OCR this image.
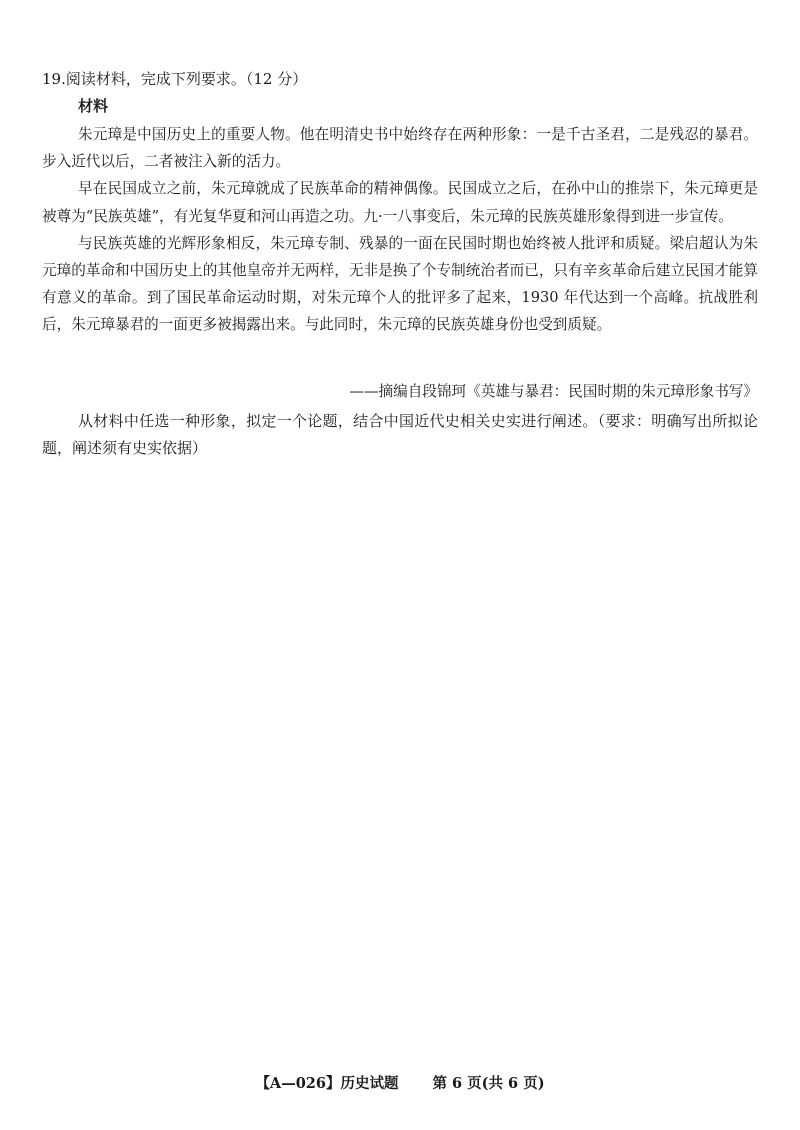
19.阅读材料，完成下列要求。（12 分）
材料

朱元璋是中国历史上的重要人物。他在明清史书中始终存在两种形象：一是千古圣君，二是残忍的暴君。步入近代以后，二者被注入新的活力。

早在民国成立之前，朱元璋就成了民族革命的精神偶像。民国成立之后，在孙中山的推崇下，朱元璋更是被尊为“民族英雄”，有光复华夏和河山再造之功。九·一八事变后，朱元璋的民族英雄形象得到进一步宣传。

与民族英雄的光辉形象相反，朱元璋专制、残暴的一面在民国时期也始终被人批评和质疑。梁启超认为朱元璋的革命和中国历史上的其他皇帝并无两样，无非是换了个专制统治者而已，只有辛亥革命后建立民国才能算有意义的革命。到了国民革命运动时期，对朱元璋个人的批评多了起来，1930 年代达到一个高峰。抗战胜利后，朱元璋暴君的一面更多被揭露出来。与此同时，朱元璋的民族英雄身份也受到质疑。

——摘编自段锦珂《英雄与暴君：民国时期的朱元璋形象书写》

从材料中任选一种形象，拟定一个论题，结合中国近代史相关史实进行阐述。（要求：明确写出所拟论题，阐述须有史实依据）

【A—026】历史试题 第 6 页(共 6 页)
